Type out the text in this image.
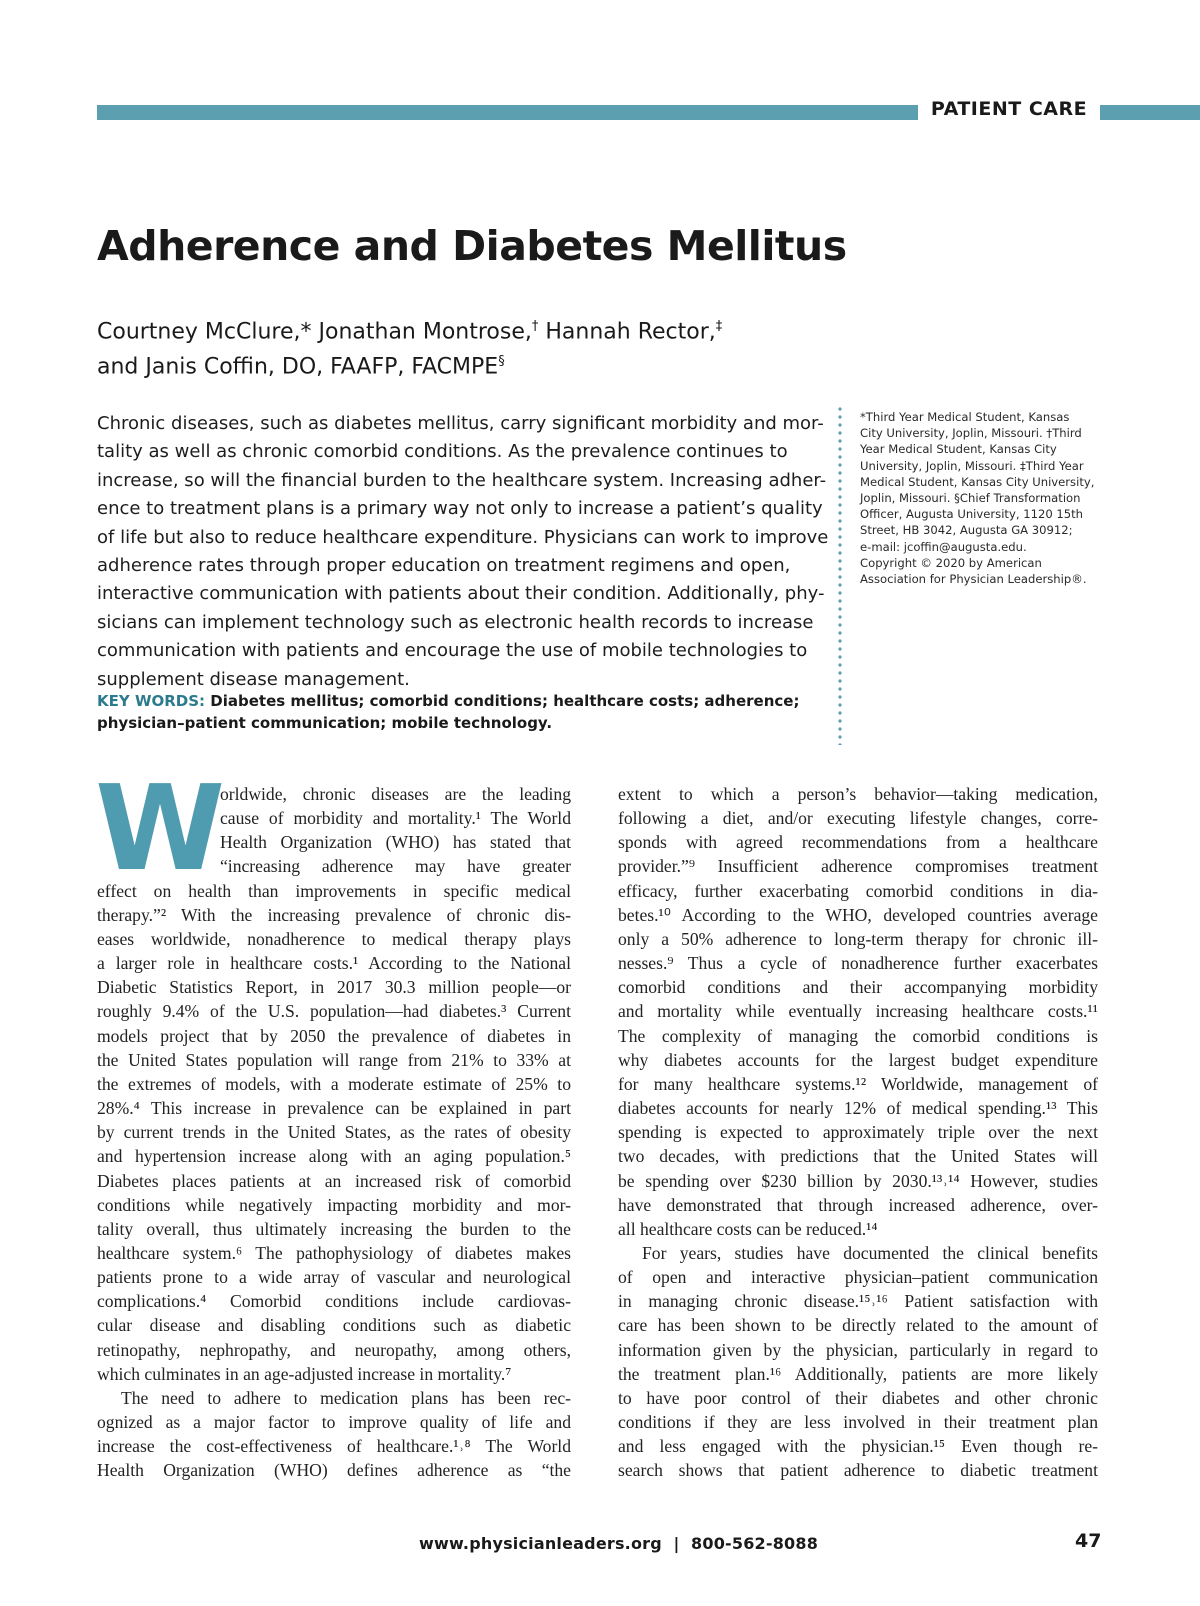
PATIENT CARE
Adherence and Diabetes Mellitus
Courtney McClure,* Jonathan Montrose,† Hannah Rector,‡
and Janis Coffin, DO, FAAFP, FACMPE§
Chronic diseases, such as diabetes mellitus, carry significant morbidity and mor-
tality as well as chronic comorbid conditions. As the prevalence continues to
increase, so will the financial burden to the healthcare system. Increasing adher-
ence to treatment plans is a primary way not only to increase a patient’s quality
of life but also to reduce healthcare expenditure. Physicians can work to improve
adherence rates through proper education on treatment regimens and open,
interactive communication with patients about their condition. Additionally, phy-
sicians can implement technology such as electronic health records to increase
communication with patients and encourage the use of mobile technologies to
supplement disease management.
KEY WORDS: Diabetes mellitus; comorbid conditions; healthcare costs; adherence;
physician–patient communication; mobile technology.
*Third Year Medical Student, Kansas
City University, Joplin, Missouri. †Third
Year Medical Student, Kansas City
University, Joplin, Missouri. ‡Third Year
Medical Student, Kansas City University,
Joplin, Missouri. §Chief Transformation
Officer, Augusta University, 1120 15th
Street, HB 3042, Augusta GA 30912;
e-mail: jcoffin@augusta.edu.
Copyright © 2020 by American
Association for Physician Leadership®.
W
orldwide, chronic diseases are the leading
cause of morbidity and mortality.¹ The World
Health Organization (WHO) has stated that
“increasing adherence may have greater
effect on health than improvements in specific medical
therapy.”² With the increasing prevalence of chronic dis-
eases worldwide, nonadherence to medical therapy plays
a larger role in healthcare costs.¹ According to the National
Diabetic Statistics Report, in 2017 30.3 million people—or
roughly 9.4% of the U.S. population—had diabetes.³ Current
models project that by 2050 the prevalence of diabetes in
the United States population will range from 21% to 33% at
the extremes of models, with a moderate estimate of 25% to
28%.⁴ This increase in prevalence can be explained in part
by current trends in the United States, as the rates of obesity
and hypertension increase along with an aging population.⁵
Diabetes places patients at an increased risk of comorbid
conditions while negatively impacting morbidity and mor-
tality overall, thus ultimately increasing the burden to the
healthcare system.⁶ The pathophysiology of diabetes makes
patients prone to a wide array of vascular and neurological
complications.⁴ Comorbid conditions include cardiovas-
cular disease and disabling conditions such as diabetic
retinopathy, nephropathy, and neuropathy, among others,
which culminates in an age-adjusted increase in mortality.⁷
The need to adhere to medication plans has been rec-
ognized as a major factor to improve quality of life and
increase the cost-effectiveness of healthcare.¹˒⁸ The World
Health Organization (WHO) defines adherence as “the
extent to which a person’s behavior—taking medication,
following a diet, and/or executing lifestyle changes, corre-
sponds with agreed recommendations from a healthcare
provider.”⁹ Insufficient adherence compromises treatment
efficacy, further exacerbating comorbid conditions in dia-
betes.¹⁰ According to the WHO, developed countries average
only a 50% adherence to long-term therapy for chronic ill-
nesses.⁹ Thus a cycle of nonadherence further exacerbates
comorbid conditions and their accompanying morbidity
and mortality while eventually increasing healthcare costs.¹¹
The complexity of managing the comorbid conditions is
why diabetes accounts for the largest budget expenditure
for many healthcare systems.¹² Worldwide, management of
diabetes accounts for nearly 12% of medical spending.¹³ This
spending is expected to approximately triple over the next
two decades, with predictions that the United States will
be spending over $230 billion by 2030.¹³˒¹⁴ However, studies
have demonstrated that through increased adherence, over-
all healthcare costs can be reduced.¹⁴
For years, studies have documented the clinical benefits
of open and interactive physician–patient communication
in managing chronic disease.¹⁵˒¹⁶ Patient satisfaction with
care has been shown to be directly related to the amount of
information given by the physician, particularly in regard to
the treatment plan.¹⁶ Additionally, patients are more likely
to have poor control of their diabetes and other chronic
conditions if they are less involved in their treatment plan
and less engaged with the physician.¹⁵ Even though re-
search shows that patient adherence to diabetic treatment
www.physicianleaders.org  |  800-562-8088	47
